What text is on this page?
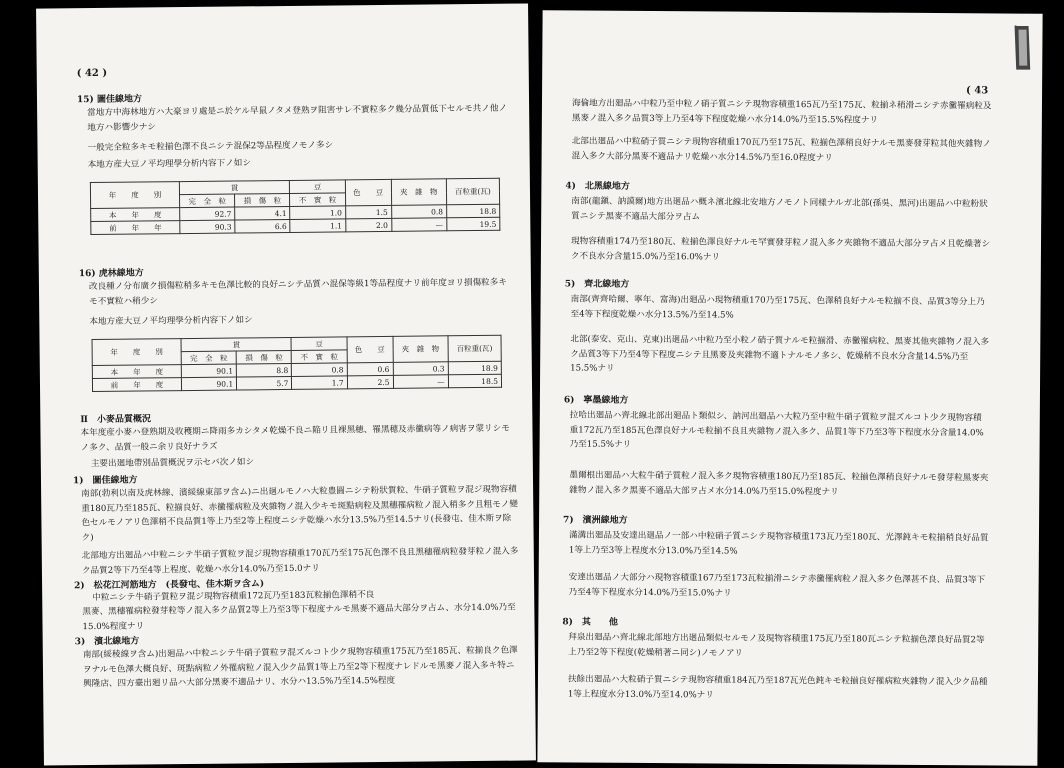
( 42 )
15) 圖佳線地方
當地方中海林地方ハ大豪ヨリ處是ニ於ケル早鼠ノタメ登熟ヲ阻害サレ不實粒多ク幾分品質低下セルモ共ノ他ノ地方ハ影響少ナシ
一般完全粒多キモ粒揃色澤不良ニシテ混保2等品程度ノモノ多シ
本地方産大豆ノ平均理學分析内容下ノ如シ
年　　度　　別	貫		豆	色　　豆	夾　雜　物	百粒重(瓦)
	完　全　粒	損　傷　粒	不　實　粒			
本　　年　　度	92.7	4.1	1.0	1.5	0.8	18.8
前　　年　　年	90.3	6.6	1.1	2.0	—	19.5
16) 虎林線地方
改良種ノ分布廣ク損傷粒稍多キモ色澤比較的良好ニシテ品質ハ混保等級1等品程度ナリ前年度ヨリ損傷粒多キモ不實粒ハ稍少シ
本地方産大豆ノ平均理學分析内容下ノ如シ
年　　度　　別	貫		豆	色　　豆	夾　雜　物	百粒重(瓦)
	完　全　粒	損　傷　粒	不　實　粒			
本　　年　　度	90.1	8.8	0.8	0.6	0.3	18.9
前　　年　　度	90.1	5.7	1.7	2.5	—	18.5
Ⅱ　小麥品質概況
本年度産小麥ハ登熟期及收穫期ニ降雨多カシタメ乾燥不良ニ陥リ且裸黑穂、罹黑穂及赤黴病等ノ病害ヲ蒙リシモノ多ク、品質一般ニ余リ良好ナラズ
主要出廻地帶別品質概況ヲ示セバ次ノ如シ
1)　圖佳線地方
南部(勃利以南及虎林線、濱綏線東部ヲ含ム)ニ出廻ルモノハ大粒豊圓ニシテ粉狀質粒、牛硝子質粒ヲ混ジ現物容積重180瓦乃至185瓦、粒揃良好、赤黴罹病粒及夾雜物ノ混入少キモ斑點病粒及黑穗罹病粒ノ混入稍多ク且粗モノ變色セルモノアリ色澤稍不良品質1等上乃至2等上程度ニシテ乾燥ハ水分13.5%乃至14.5ナリ(長發屯、佳木斯ヲ除ク)
北部地方出廻品ハ中粒ニシテ半硝子質粒ヲ混ジ現物容積重170瓦乃至175瓦色澤不良且黑穗罹病粒發芽粒ノ混入多ク品質2等下乃至4等上程度、乾燥ハ水分14.0%乃至15.0ナリ
2)　松花江河筋地方　(長發屯、佳木斯ヲ含ム)
中粒ニシテ牛硝子質粒ヲ混ジ現物容積重172瓦乃至183瓦粒揃色澤稍不良
黑麥、黑穗罹病粒發芽粒等ノ混入多ク品質2等上乃至3等下程度ナルモ黑麥不適品大部分ヲ占ム、水分14.0%乃至15.0%程度ナリ
3)　濱北線地方
南部(綏稜線ヲ含ム)出廻品ハ中粒ニシテ牛硝子質粒ヲ混ズルコト少ク現物容積重175瓦乃至185瓦、粒揃良ク色澤ヲナルモ色澤大概良好、斑點病粒ノ外罹病粒ノ混入少ク品質1等上乃至2等下程度ナレドルモ黑麥ノ混入多キ特ニ興隆店、四方臺出廻リ品ハ大部分黑麥不適品ナリ、水分ハ13.5%乃至14.5%程度
( 43
海倫地方出廻品ハ中粒乃至中粒ノ硝子質ニシテ現物容積重165瓦乃至175瓦、粒揃ネ稍滑ニシテ赤黴罹病粒及黑麥ノ混入多ク品質3等上乃至4等下程度乾燥ハ水分14.0%乃至15.5%程度ナリ
北部出廻品ハ中粒硝子質ニシテ現物容積重170瓦乃至175瓦、粒揃色澤稍良好ナルモ黑麥發芽粒其他夾雜物ノ混入多ク大部分黑麥不適品ナリ乾燥ハ水分14.5%乃至16.0程度ナリ
4)　北黑線地方
南部(龍鎭、訥謨爾)地方出廻品ハ概ネ濱北線北安地方ノモノト同樣ナルガ北部(孫吳、黑河)出廻品ハ中粒粉狀質ニシテ黑麥不適品大部分ヲ占ム
現物容積重174乃至180瓦、粒揃色澤良好ナルモ罕實發芽粒ノ混入多ク夾雜物不適品大部分ヲ占メ且乾燥著シク不良水分含量15.0%乃至16.0%ナリ
5)　齊北線地方
南部(齊齊哈爾、寧年、富海)出廻品ハ現物積重170乃至175瓦、色澤稍良好ナルモ粒揃不良、品質3等分上乃至4等下程度乾燥ハ水分13.5%乃至14.5%
北部(泰安、克山、克東)出廻品ハ中粒乃至小粒ノ硝子質ナルモ粒揃滑、赤黴罹病粒、黑麥其他夾雜物ノ混入多ク品質3等下乃至4等下程度ニシテ且黑麥及夾雜物不適トナルモノ多シ、乾燥稍不良水分含量14.5%乃至15.5%ナリ
6)　寧墨線地方
拉哈出廻品ハ齊北線北部出廻品ト類似シ、訥河出廻品ハ大粒乃至中粒牛硝子質粒ヲ混ズルコト少ク現物容積重172瓦乃至185瓦色澤良好ナルモ粒揃不良且夾雜物ノ混入多ク、品質1等下乃至3等下程度水分含量14.0%乃至15.5%ナリ
墨爾根出廻品ハ大粒牛硝子質粒ノ混入多ク現物容積重180瓦乃至185瓦、粒揃色澤稍良好ナルモ發芽粒黑麥夾雜物ノ混入多ク黑麥不適品大部ヲ占メ水分14.0%乃至15.0%程度ナリ
7)　濱洲線地方
滿溝出廻品及安達出廻品ノ一部ハ中粒硝子質ニシテ現物容積重173瓦乃至180瓦、光澤鈍キモ粒揃稍良好品質1等上乃至3等上程度水分13.0%乃至14.5%
安達出廻品ノ大部分ハ現物容積重167乃至173瓦粒揃滑ニシテ赤黴罹病粒ノ混入多ク色澤甚不良、品質3等下乃至4等下程度水分14.0%乃至15.0%ナリ
8)　其　　他
拜泉出廻品ハ齊北線北部地方出廻品類似セルモノ及現物容積重175瓦乃至180瓦ニシテ粒揃色澤良好品質2等上乃至2等下程度(乾燥稍著ニ同シ)ノモノアリ
扶餘出廻品ハ大粒硝子質ニシテ現物容積重184瓦乃至187瓦光色鈍キモ粒揃良好罹病粒夾雜物ノ混入少ク品種1等上程度水分13.0%乃至14.0%ナリ
